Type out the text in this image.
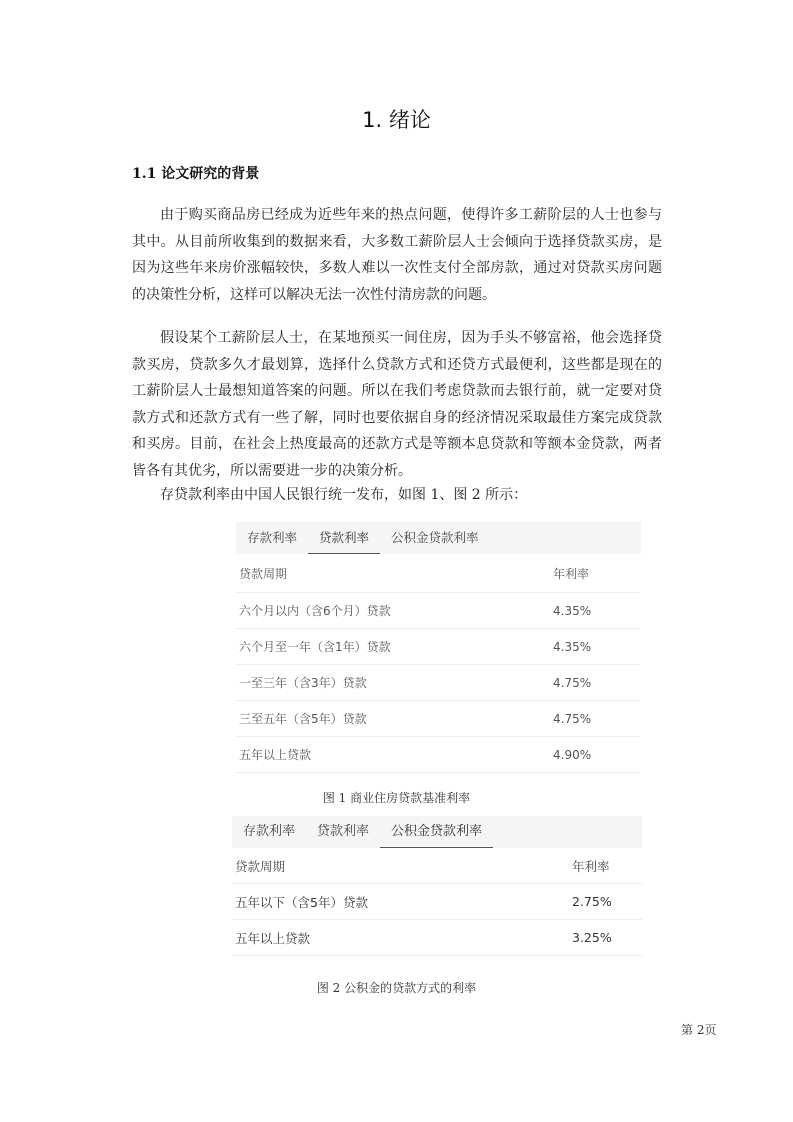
1. 绪论
1.1 论文研究的背景

由于购买商品房已经成为近些年来的热点问题，使得许多工薪阶层的人士也参与其中。从目前所收集到的数据来看，大多数工薪阶层人士会倾向于选择贷款买房，是因为这些年来房价涨幅较快，多数人难以一次性支付全部房款，通过对贷款买房问题的决策性分析，这样可以解决无法一次性付清房款的问题。

假设某个工薪阶层人士，在某地预买一间住房，因为手头不够富裕，他会选择贷款买房，贷款多久才最划算，选择什么贷款方式和还贷方式最便利，这些都是现在的工薪阶层人士最想知道答案的问题。所以在我们考虑贷款而去银行前，就一定要对贷款方式和还款方式有一些了解，同时也要依据自身的经济情况采取最佳方案完成贷款和买房。目前，在社会上热度最高的还款方式是等额本息贷款和等额本金贷款，两者皆各有其优劣，所以需要进一步的决策分析。

存贷款利率由中国人民银行统一发布，如图 1、图 2 所示：

存款利率	贷款利率	公积金贷款利率
贷款周期	年利率
六个月以内（含6个月）贷款	4.35%
六个月至一年（含1年）贷款	4.35%
一至三年（含3年）贷款	4.75%
三至五年（含5年）贷款	4.75%
五年以上贷款	4.90%

图 1 商业住房贷款基准利率

存款利率	贷款利率	公积金贷款利率
贷款周期	年利率
五年以下（含5年）贷款	2.75%
五年以上贷款	3.25%

图 2 公积金的贷款方式的利率

第 2页
